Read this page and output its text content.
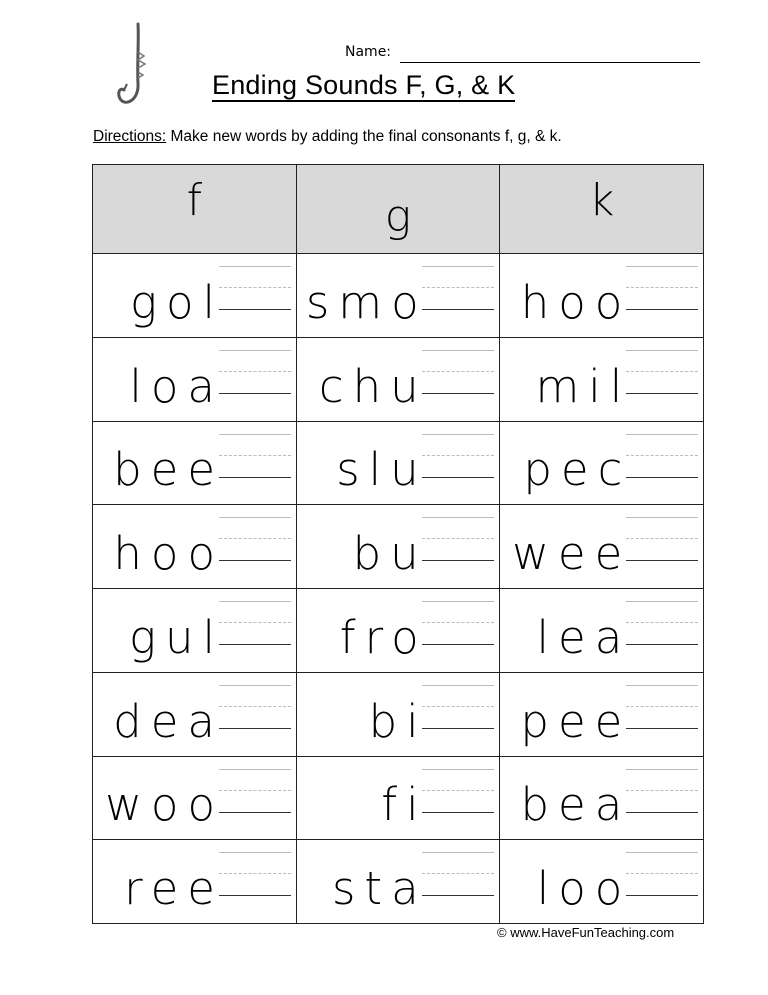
Name:
Ending Sounds F, G, & K
Directions: Make new words by adding the final consonants f, g, & k.
f	g	k

gol	smo	hoo

loa	chu	mil

bee	slu	pec

hoo	bu	wee

gul	fro	lea

dea	bi	pee

woo	fi	bea

ree	sta	loo
© www.HaveFunTeaching.com
